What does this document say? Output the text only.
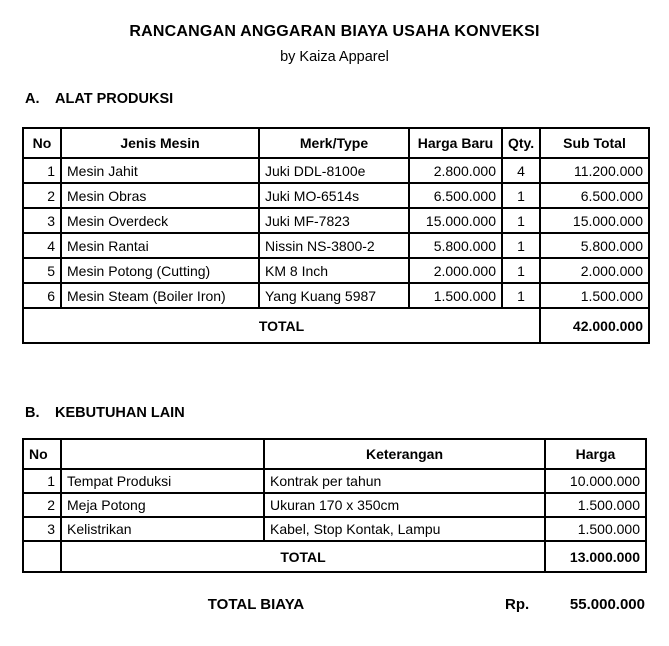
RANCANGAN ANGGARAN BIAYA USAHA KONVEKSI
by Kaiza Apparel
A.	ALAT PRODUKSI
No	Jenis Mesin	Merk/Type	Harga Baru	Qty.	Sub Total
1	Mesin Jahit	Juki DDL-8100e	2.800.000	4	11.200.000
2	Mesin Obras	Juki MO-6514s	6.500.000	1	6.500.000
3	Mesin Overdeck	Juki MF-7823	15.000.000	1	15.000.000
4	Mesin Rantai	Nissin NS-3800-2	5.800.000	1	5.800.000
5	Mesin Potong (Cutting)	KM 8 Inch	2.000.000	1	2.000.000
6	Mesin Steam (Boiler Iron)	Yang Kuang 5987	1.500.000	1	1.500.000
TOTAL					42.000.000
B.	KEBUTUHAN LAIN
No		Keterangan	Harga
1	Tempat Produksi	Kontrak per tahun	10.000.000
2	Meja Potong	Ukuran 170 x 350cm	1.500.000
3	Kelistrikan	Kabel, Stop Kontak, Lampu	1.500.000
	TOTAL		13.000.000
TOTAL BIAYA	Rp.	55.000.000
